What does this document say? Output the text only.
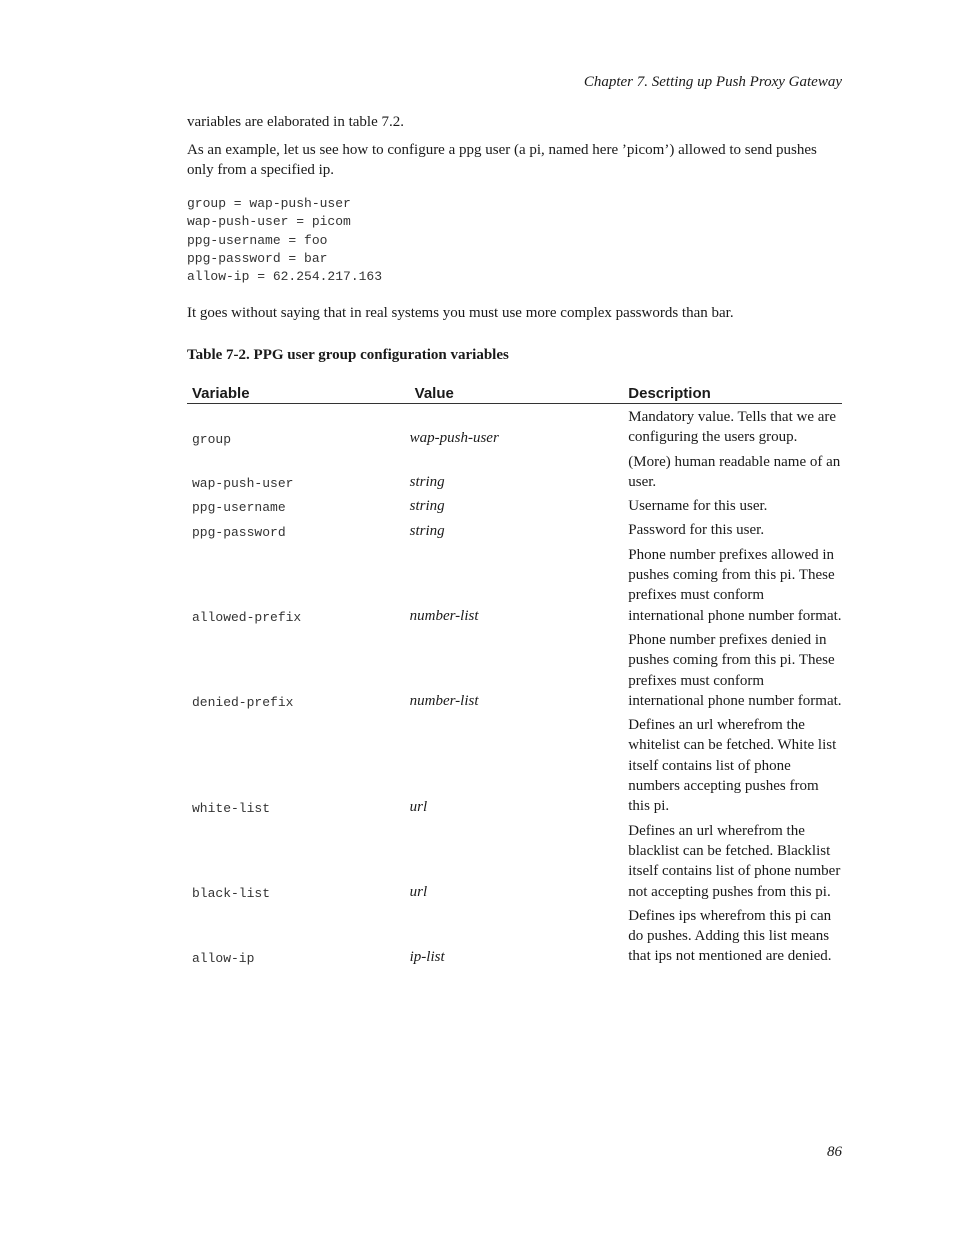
Chapter 7. Setting up Push Proxy Gateway
variables are elaborated in table 7.2.
As an example, let us see how to configure a ppg user (a pi, named here ’picom’) allowed to send pushes only from a specified ip.
group = wap-push-user
wap-push-user = picom
ppg-username = foo
ppg-password = bar
allow-ip = 62.254.217.163
It goes without saying that in real systems you must use more complex passwords than bar.
Table 7-2. PPG user group configuration variables
Variable	Value	Description
group	wap-push-user	Mandatory value. Tells that we are configuring the users group.
wap-push-user	string	(More) human readable name of an user.
ppg-username	string	Username for this user.
ppg-password	string	Password for this user.
allowed-prefix	number-list	Phone number prefixes allowed in pushes coming from this pi. These prefixes must conform international phone number format.
denied-prefix	number-list	Phone number prefixes denied in pushes coming from this pi. These prefixes must conform international phone number format.
white-list	url	Defines an url wherefrom the whitelist can be fetched. White list itself contains list of phone numbers accepting pushes from this pi.
black-list	url	Defines an url wherefrom the blacklist can be fetched. Blacklist itself contains list of phone number not accepting pushes from this pi.
allow-ip	ip-list	Defines ips wherefrom this pi can do pushes. Adding this list means that ips not mentioned are denied.
86
